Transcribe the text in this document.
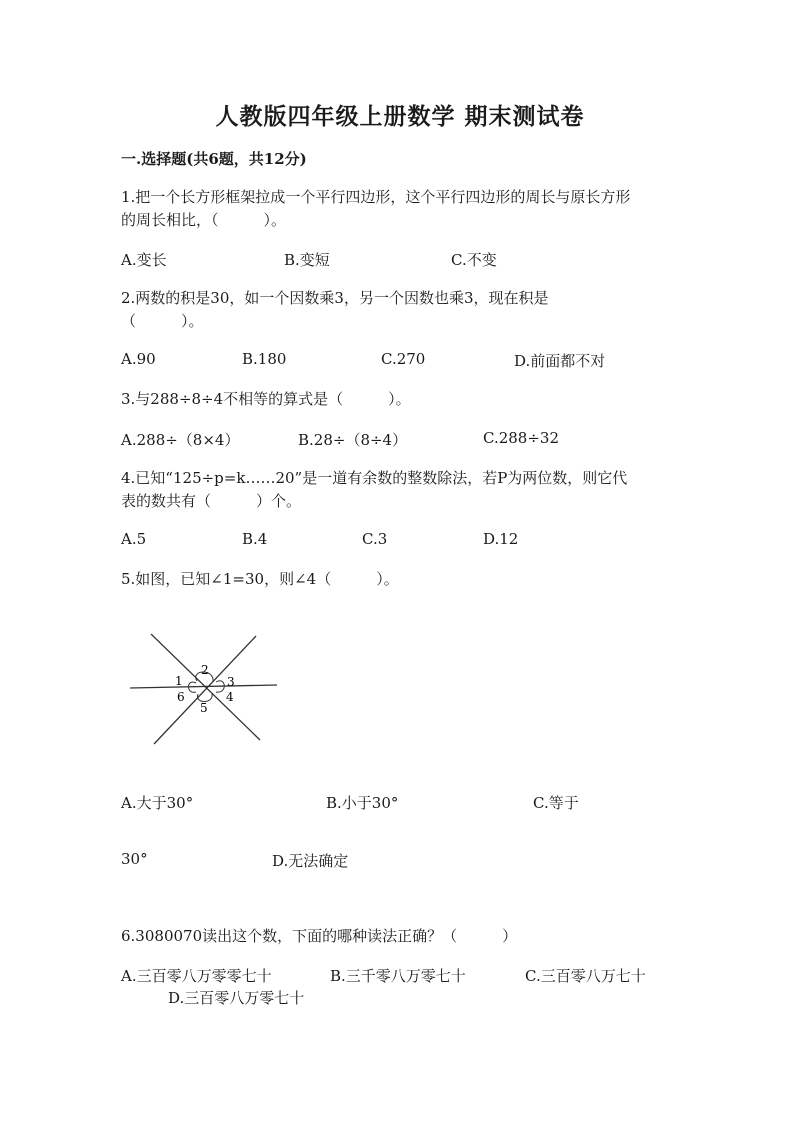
人教版四年级上册数学 期末测试卷
一.选择题(共6题，共12分)
1.把一个长方形框架拉成一个平行四边形，这个平行四边形的周长与原长方形
的周长相比，（　　　）。
A.变长	B.变短	C.不变
2.两数的积是30，如一个因数乘3，另一个因数也乘3，现在积是
（　　　）。
A.90	B.180	C.270	D.前面都不对
3.与288÷8÷4不相等的算式是（　　　）。
A.288÷（8×4）	B.28÷（8÷4）	C.288÷32
4.已知“125÷p=k……20”是一道有余数的整数除法，若P为两位数，则它代
表的数共有（　　　）个。
A.5	B.4	C.3	D.12
5.如图，已知∠1=30，则∠4（　　　）。
1
2
3
4
5
6
A.大于30°	B.小于30°	C.等于
30°	D.无法确定
6.3080070读出这个数，下面的哪种读法正确？（　　　）
A.三百零八万零零七十	B.三千零八万零七十	C.三百零八万七十
D.三百零八万零七十
